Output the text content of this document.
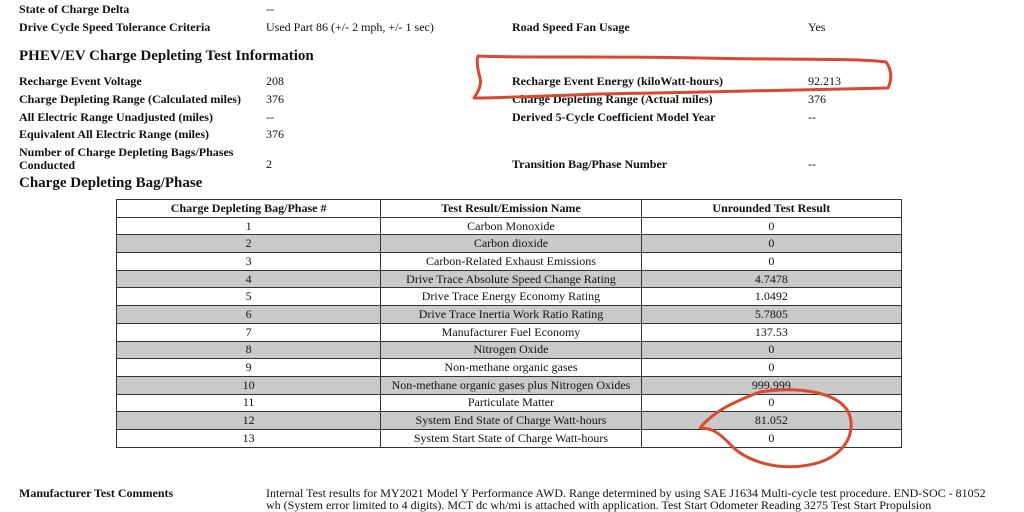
State of Charge Delta	--
Drive Cycle Speed Tolerance Criteria	Used Part 86 (+/- 2 mph, +/- 1 sec)	Road Speed Fan Usage	Yes
PHEV/EV Charge Depleting Test Information
Recharge Event Voltage	208	Recharge Event Energy (kiloWatt-hours)	92.213
Charge Depleting Range (Calculated miles) 376	Charge Depleting Range (Actual miles)	376
All Electric Range Unadjusted (miles)	--	Derived 5-Cycle Coefficient Model Year	--
Equivalent All Electric Range (miles)	376
Number of Charge Depleting Bags/Phases Conducted	2	Transition Bag/Phase Number	--
Charge Depleting Bag/Phase
Charge Depleting Bag/Phase #	Test Result/Emission Name	Unrounded Test Result
1	Carbon Monoxide	0
2	Carbon dioxide	0
3	Carbon-Related Exhaust Emissions	0
4	Drive Trace Absolute Speed Change Rating	4.7478
5	Drive Trace Energy Economy Rating	1.0492
6	Drive Trace Inertia Work Ratio Rating	5.7805
7	Manufacturer Fuel Economy	137.53
8	Nitrogen Oxide	0
9	Non-methane organic gases	0
10	Non-methane organic gases plus Nitrogen Oxides	999.999
11	Particulate Matter	0
12	System End State of Charge Watt-hours	81.052
13	System Start State of Charge Watt-hours	0
Manufacturer Test Comments	Internal Test results for MY2021 Model Y Performance AWD. Range determined by using SAE J1634 Multi-cycle test procedure. END-SOC - 81052 wh (System error limited to 4 digits). MCT dc wh/mi is attached with application. Test Start Odometer Reading 3275 Test Start Propulsion
